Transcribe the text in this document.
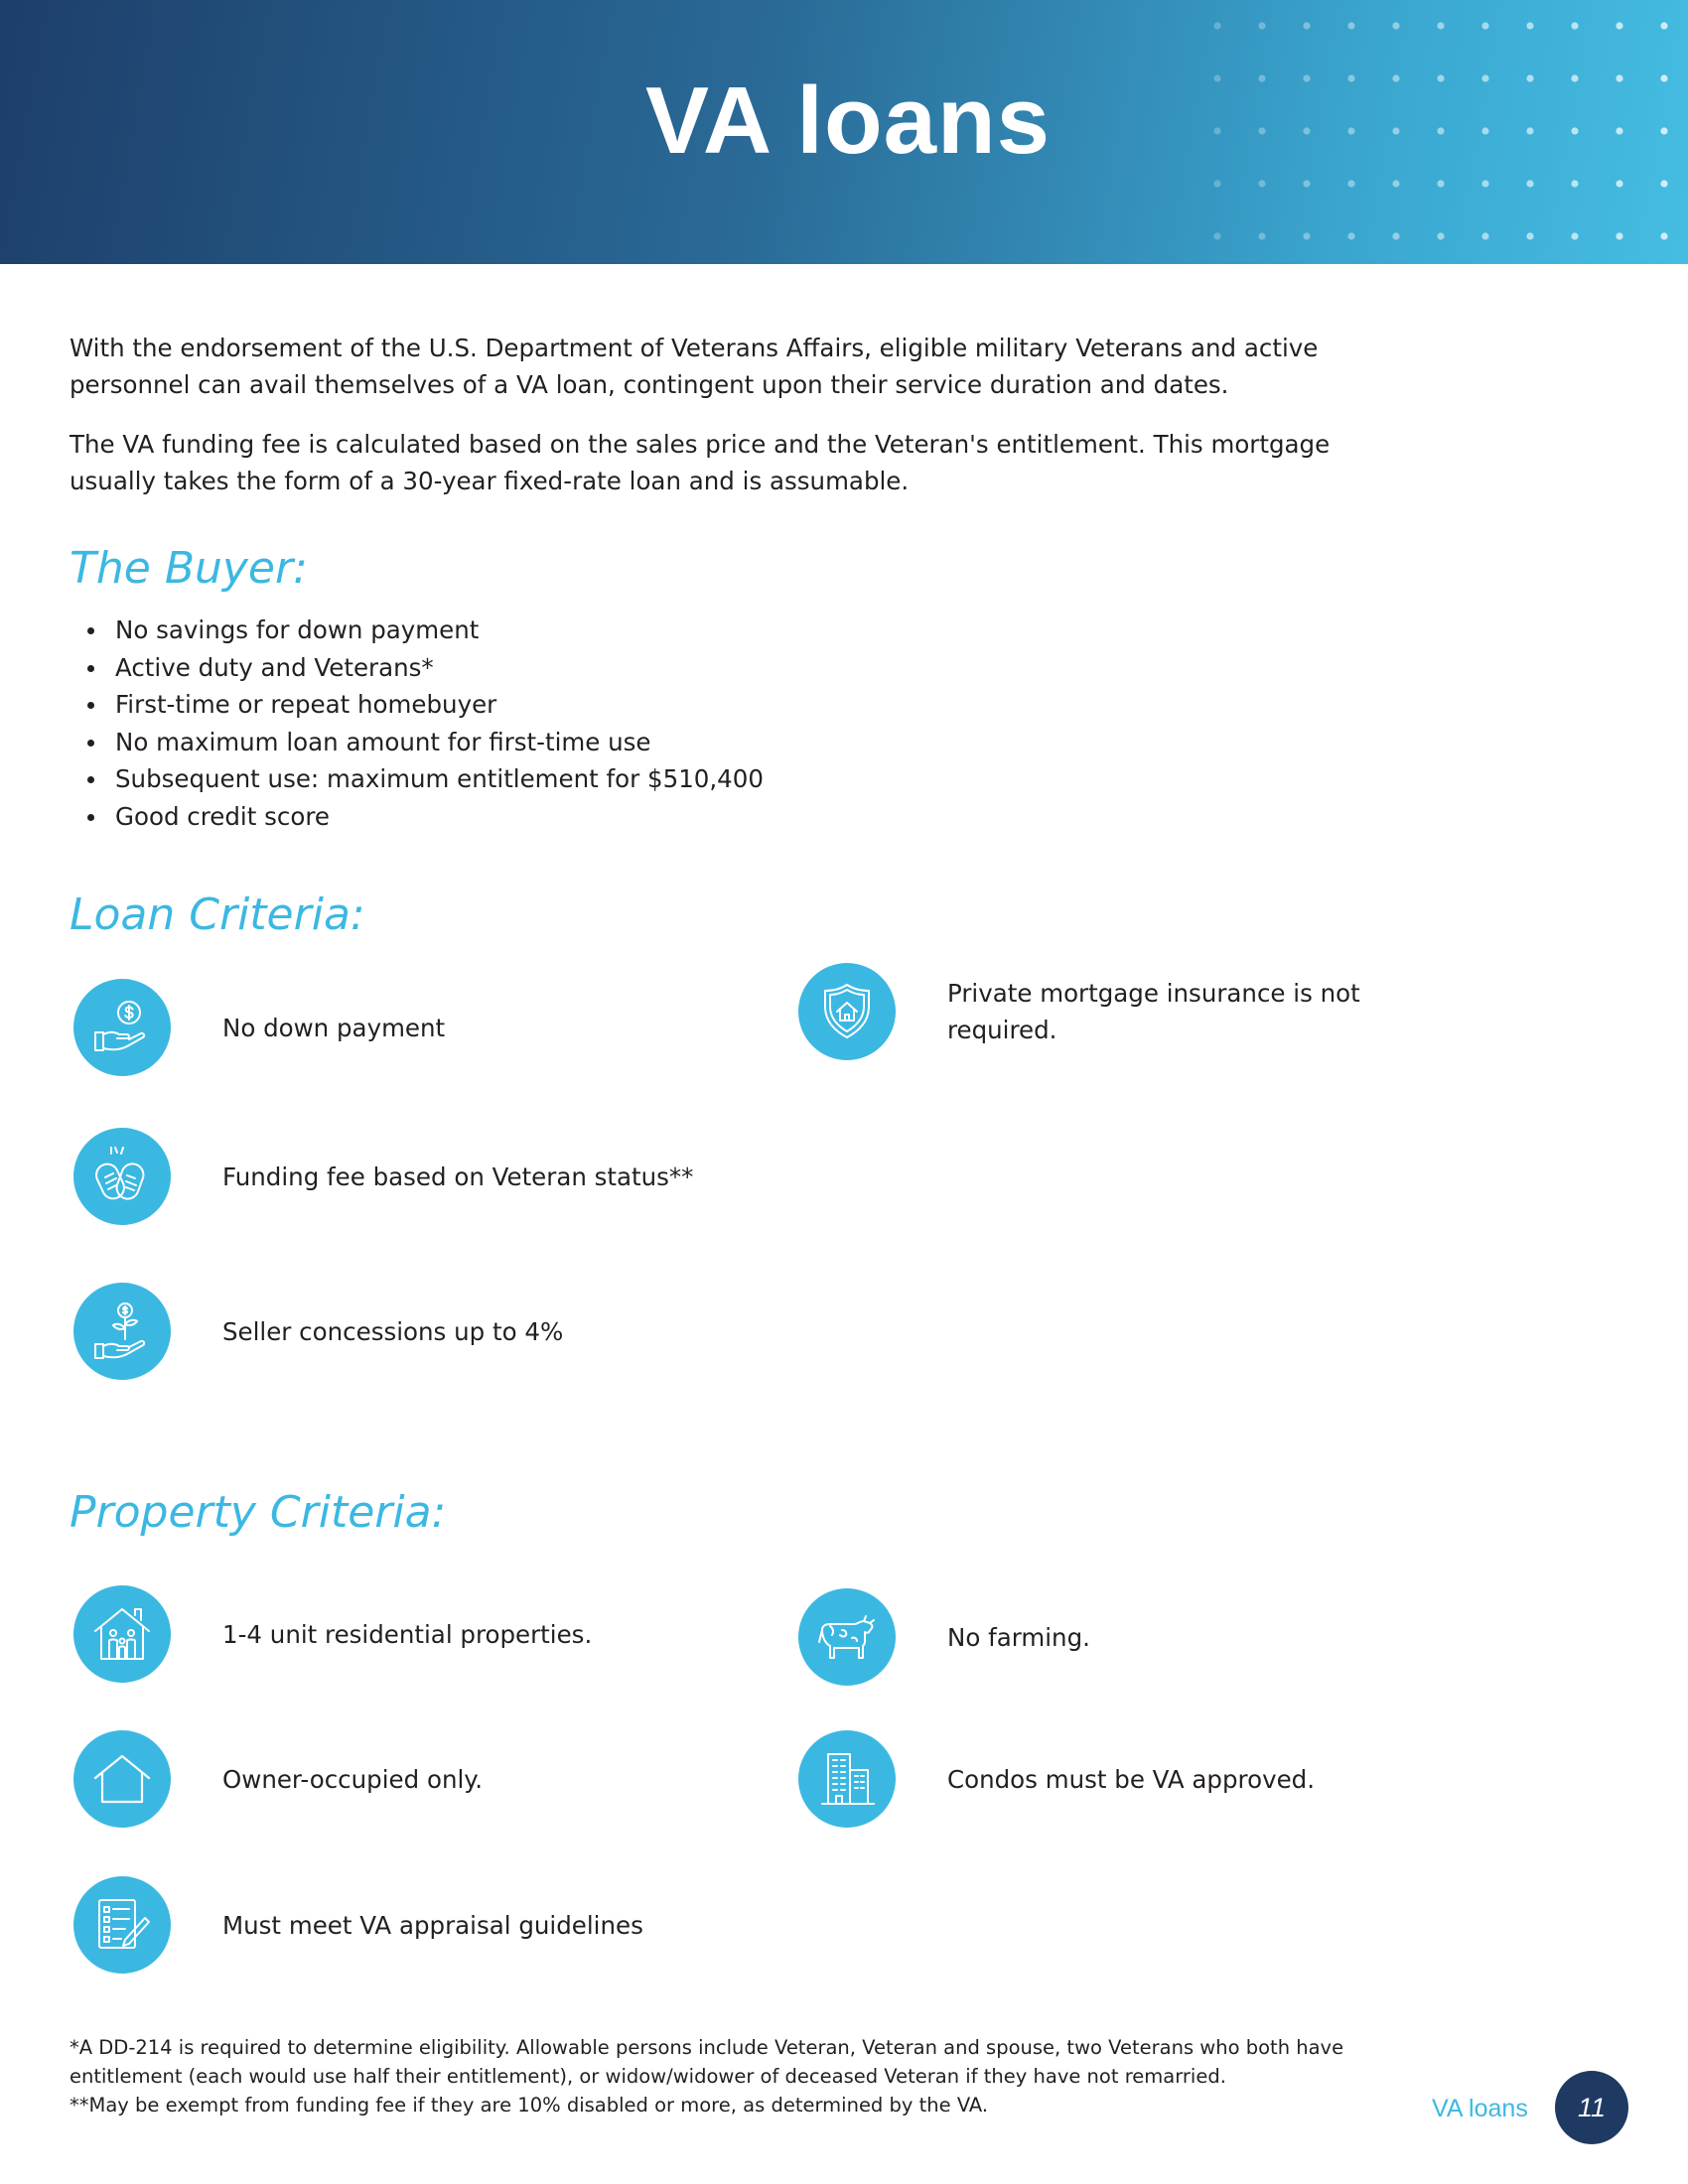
VA loans

With the endorsement of the U.S. Department of Veterans Affairs, eligible military Veterans and active personnel can avail themselves of a VA loan, contingent upon their service duration and dates.

The VA funding fee is calculated based on the sales price and the Veteran's entitlement. This mortgage usually takes the form of a 30-year fixed-rate loan and is assumable.

The Buyer:
No savings for down payment
Active duty and Veterans*
First-time or repeat homebuyer
No maximum loan amount for first-time use
Subsequent use: maximum entitlement for $510,400
Good credit score
Loan Criteria:
No down payment
Private mortgage insurance is not required.
Funding fee based on Veteran status**
Seller concessions up to 4%
Property Criteria:
1-4 unit residential properties.	No farming.
Owner-occupied only.	Condos must be VA approved.
Must meet VA appraisal guidelines

*A DD-214 is required to determine eligibility. Allowable persons include Veteran, Veteran and spouse, two Veterans who both have entitlement (each would use half their entitlement), or widow/widower of deceased Veteran if they have not remarried.

**May be exempt from funding fee if they are 10% disabled or more, as determined by the VA.	VA loans	11
